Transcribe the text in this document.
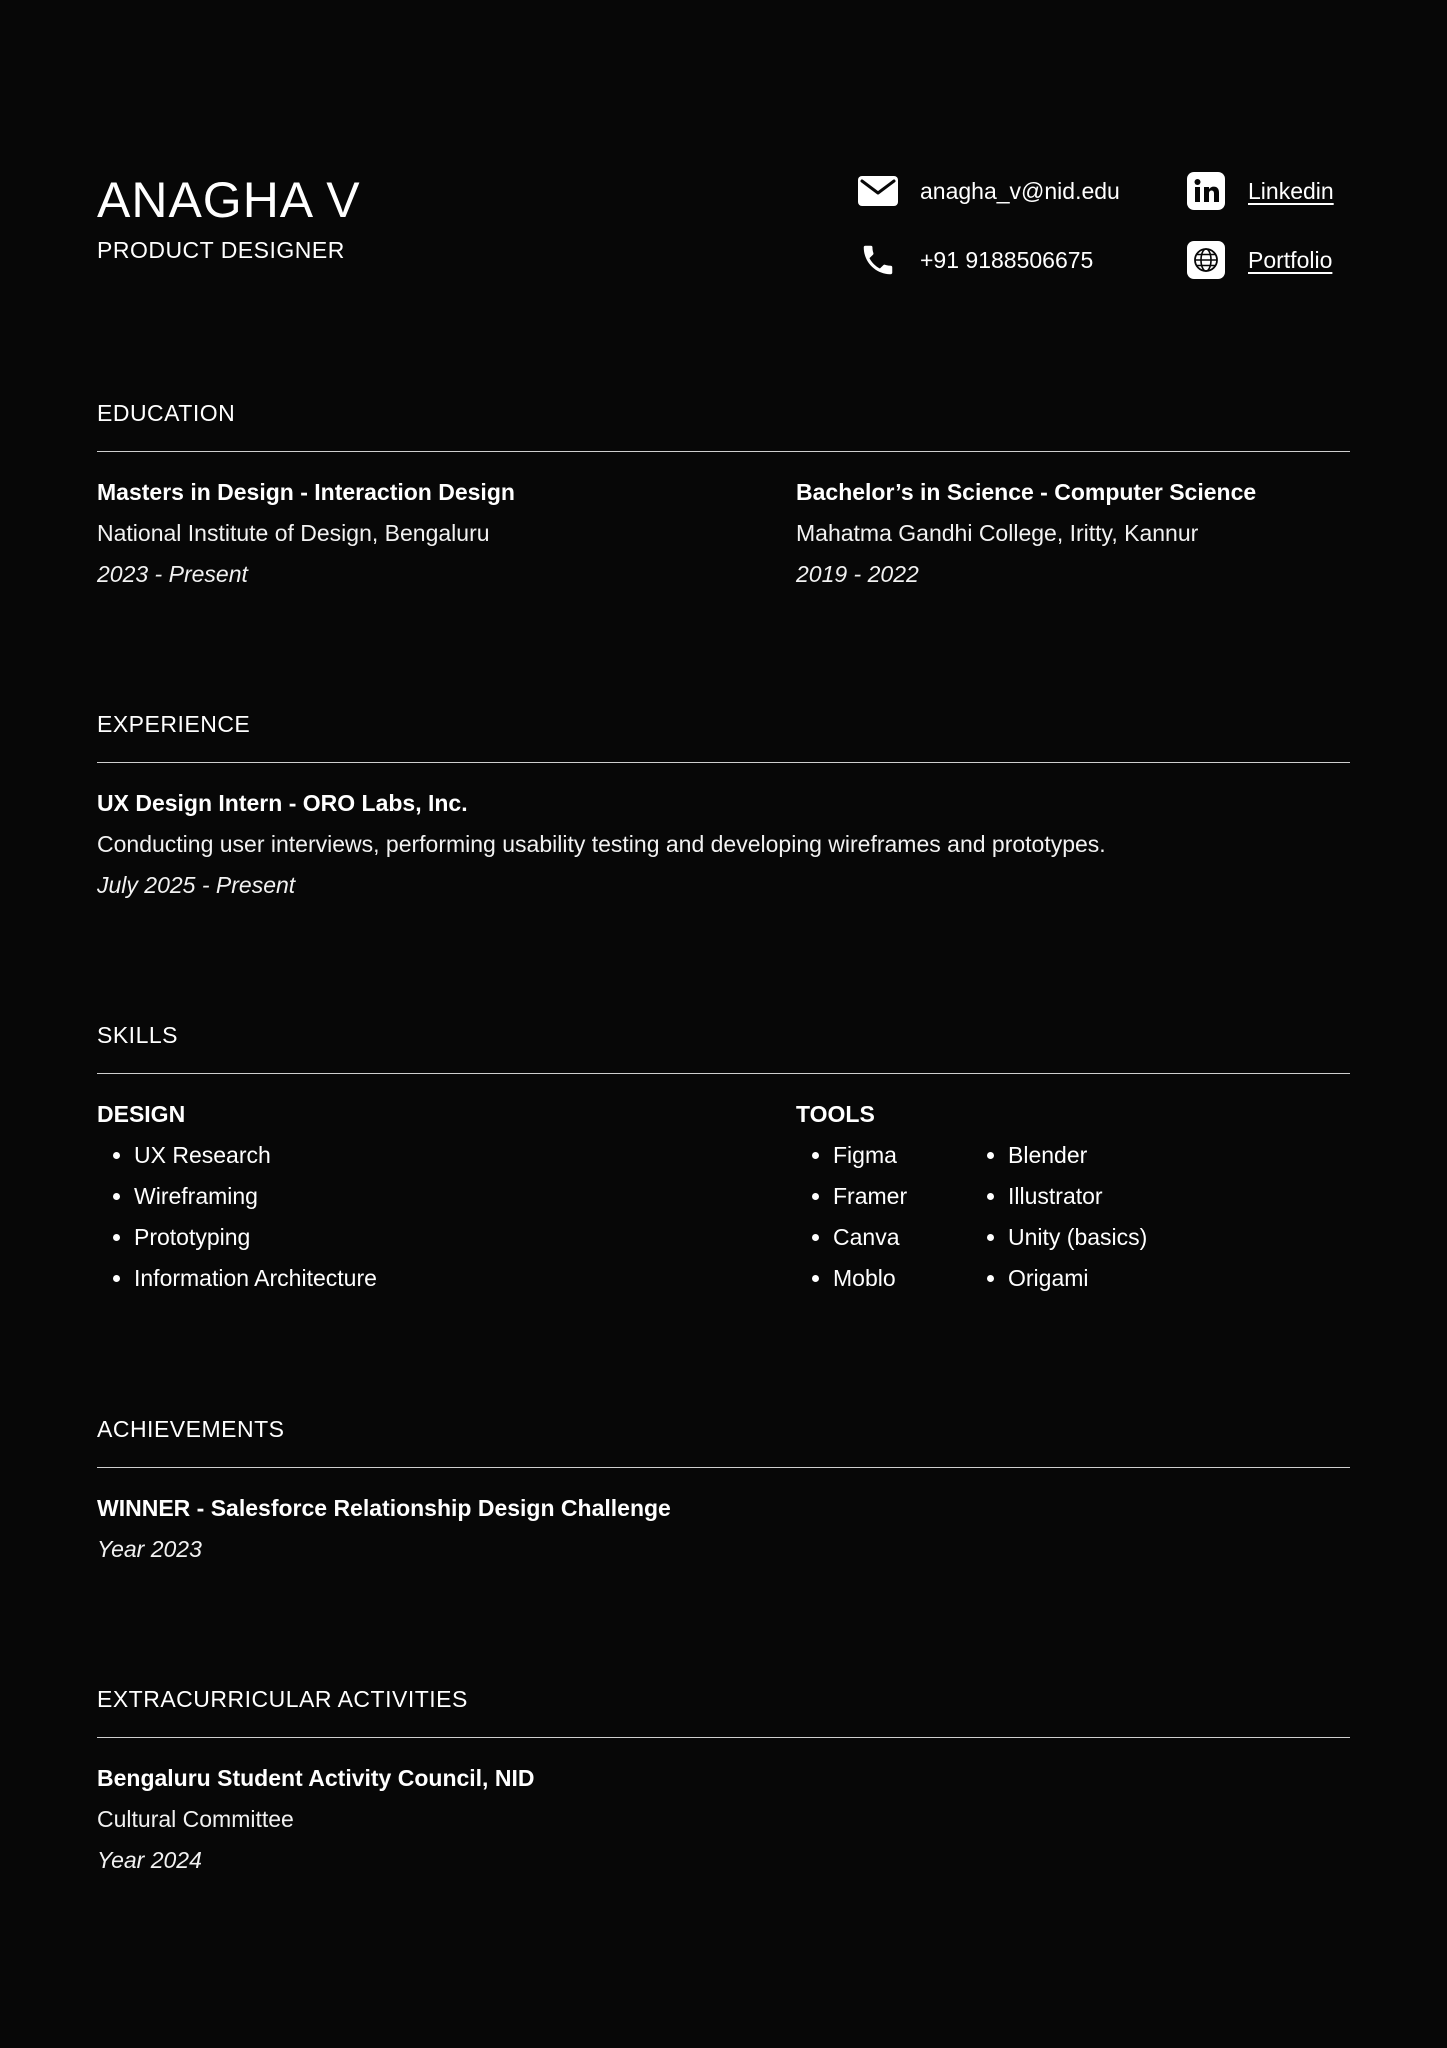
ANAGHA V
PRODUCT DESIGNER
anagha_v@nid.edu
+91 9188506675
Linkedin
Portfolio
EDUCATION
Masters in Design - Interaction Design
National Institute of Design, Bengaluru
2023 - Present
Bachelor’s in Science - Computer Science
Mahatma Gandhi College, Iritty, Kannur
2019 - 2022
EXPERIENCE
UX Design Intern - ORO Labs, Inc.
Conducting user interviews, performing usability testing and developing wireframes and prototypes.
July 2025 - Present
SKILLS
DESIGN
• UX Research
• Wireframing
• Prototyping
• Information Architecture
TOOLS
• Figma
• Framer
• Canva
• Moblo
• Blender
• Illustrator
• Unity (basics)
• Origami
ACHIEVEMENTS
WINNER - Salesforce Relationship Design Challenge
Year 2023
EXTRACURRICULAR ACTIVITIES
Bengaluru Student Activity Council, NID
Cultural Committee
Year 2024
